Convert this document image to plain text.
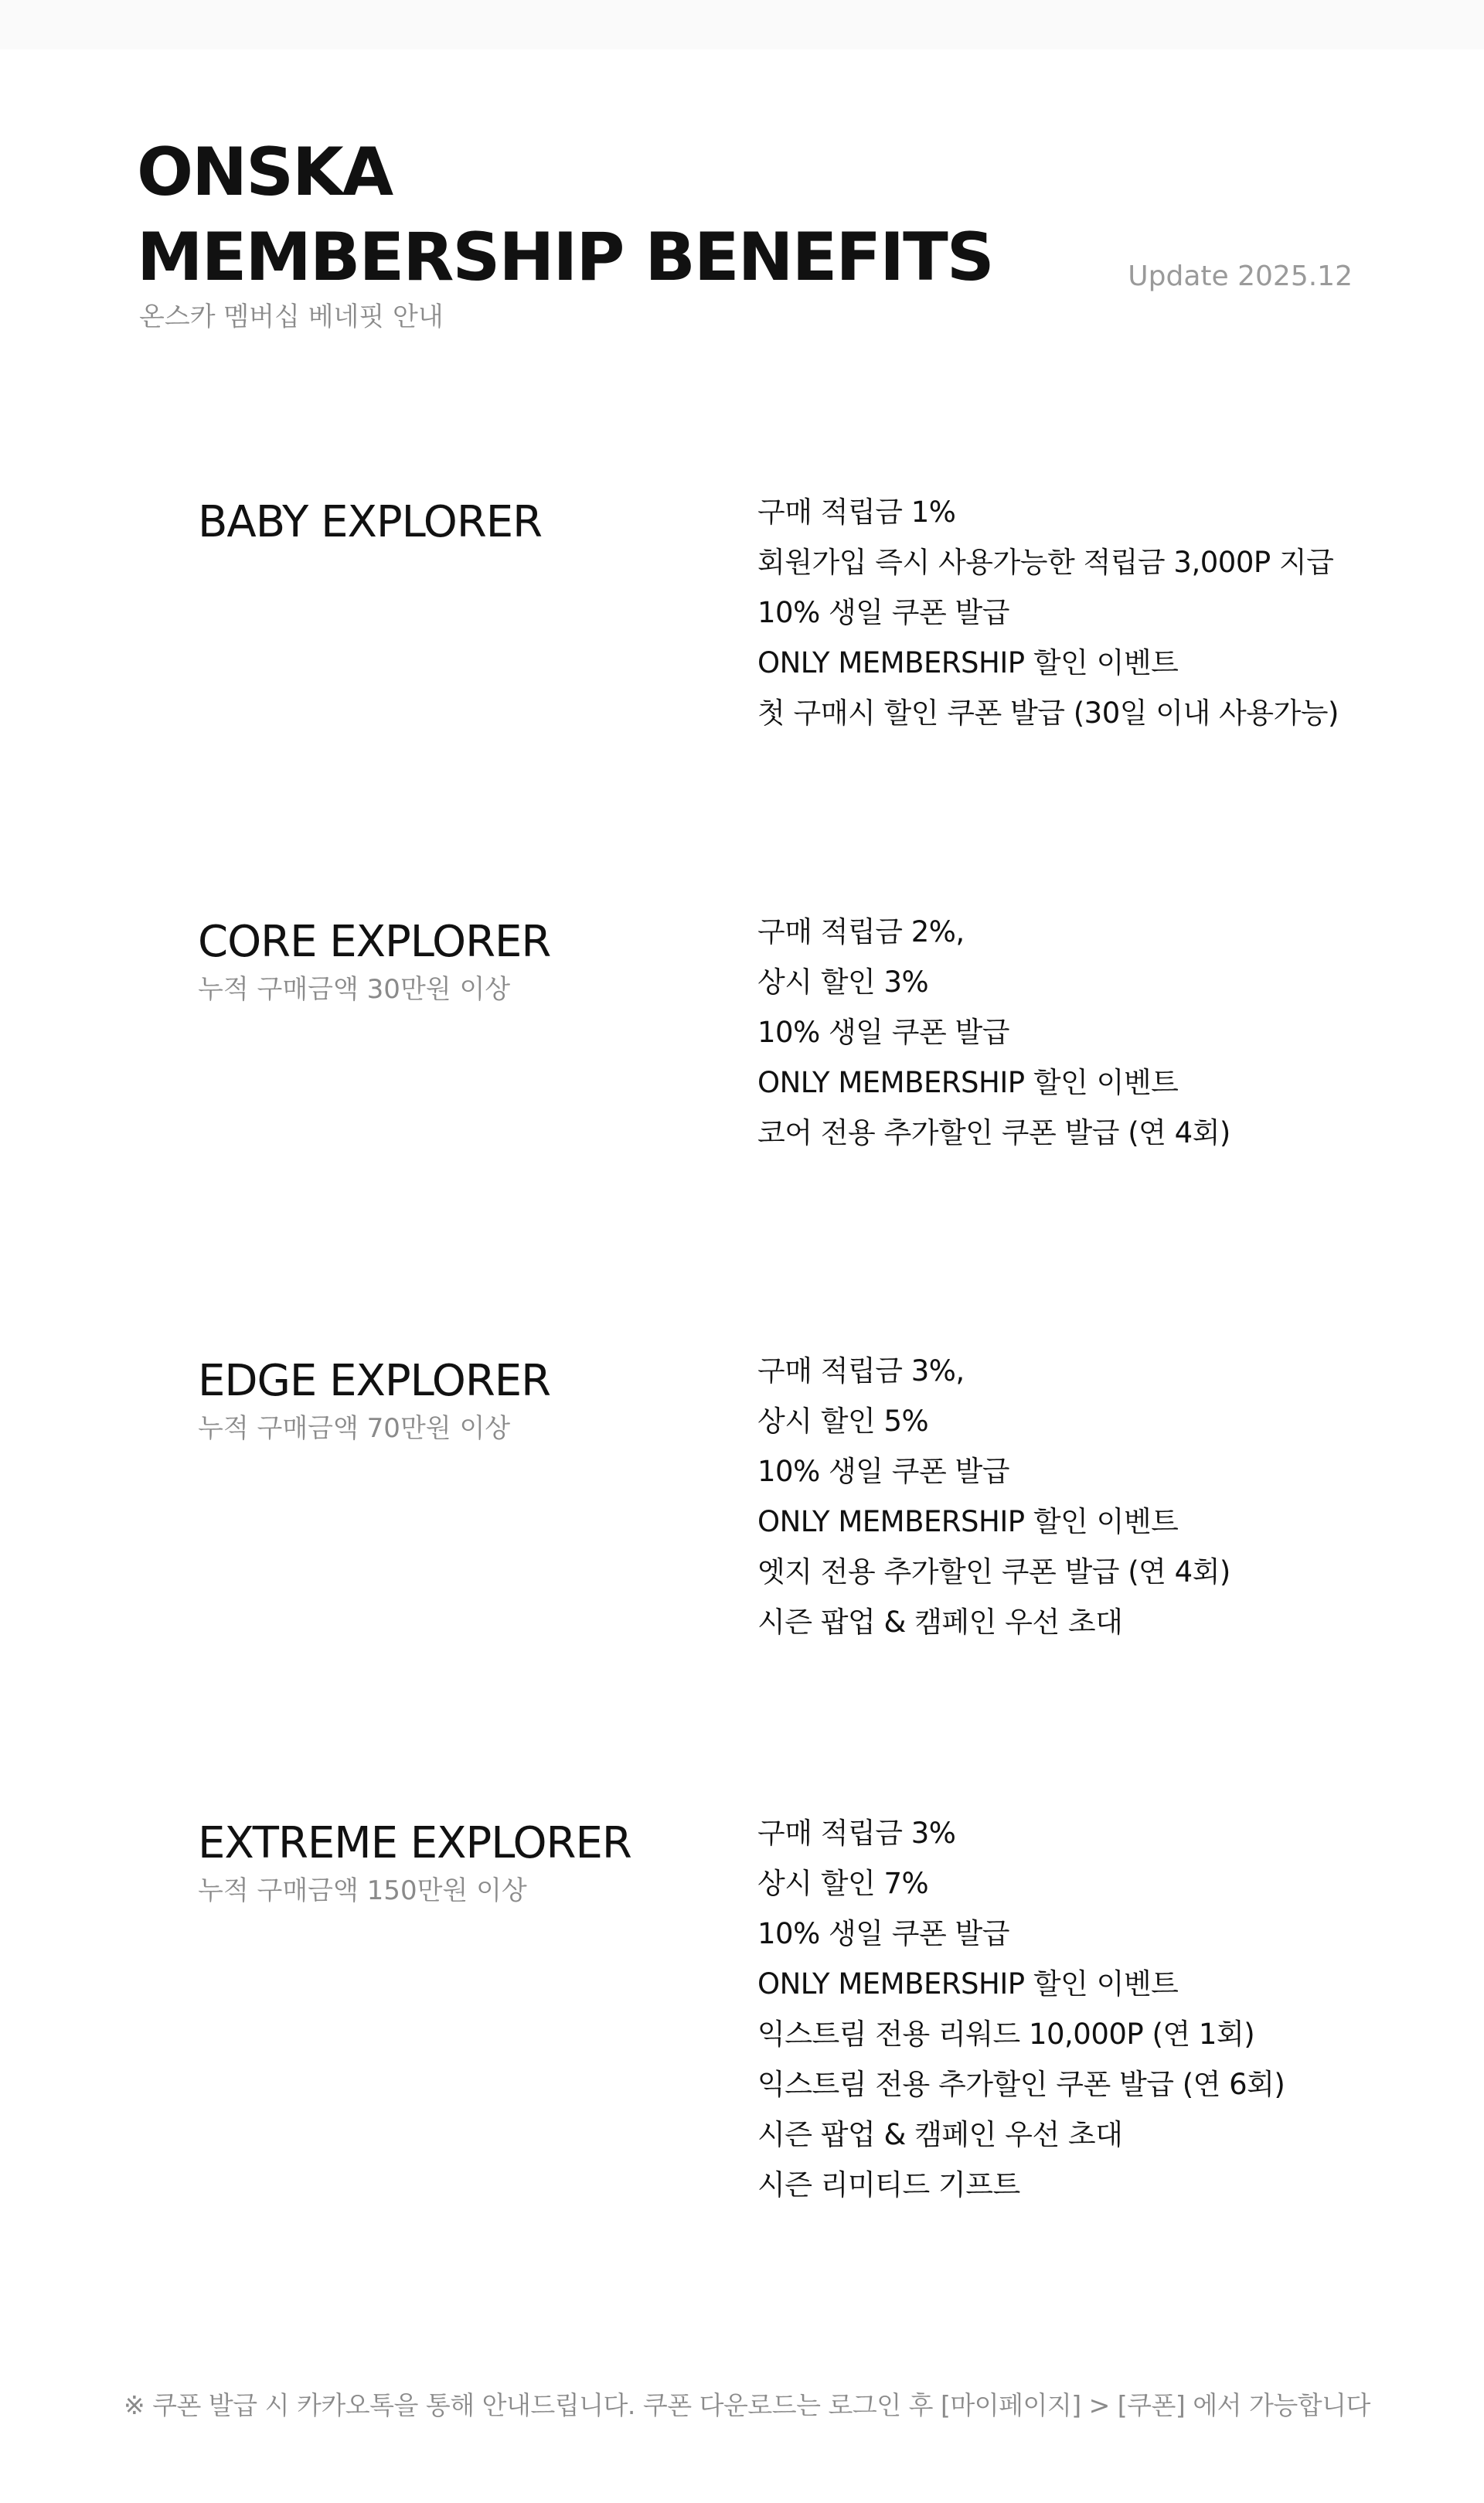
ONSKA
MEMBERSHIP BENEFITS
온스카 멤버십 베네핏 안내
Update 2025.12
BABY EXPLORER	구매 적립금 1%
회원가입 즉시 사용가능한 적립금 3,000P 지급
10% 생일 쿠폰 발급
ONLY MEMBERSHIP 할인 이벤트
첫 구매시 할인 쿠폰 발급 (30일 이내 사용가능)
CORE EXPLORER
누적 구매금액 30만원 이상
구매 적립금 2%,
상시 할인 3%
10% 생일 쿠폰 발급
ONLY MEMBERSHIP 할인 이벤트
코어 전용 추가할인 쿠폰 발급 (연 4회)
EDGE EXPLORER
누적 구매금액 70만원 이상
구매 적립금 3%,
상시 할인 5%
10% 생일 쿠폰 발급
ONLY MEMBERSHIP 할인 이벤트
엣지 전용 추가할인 쿠폰 발급 (연 4회)
시즌 팝업 & 캠페인 우선 초대
EXTREME EXPLORER
누적 구매금액 150만원 이상
구매 적립금 3%
상시 할인 7%
10% 생일 쿠폰 발급
ONLY MEMBERSHIP 할인 이벤트
익스트림 전용 리워드 10,000P (연 1회)
익스트림 전용 추가할인 쿠폰 발급 (연 6회)
시즌 팝업 & 캠페인 우선 초대
시즌 리미티드 기프트
※ 쿠폰 발급 시 카카오톡을 통해 안내드립니다. 쿠폰 다운로드는 로그인 후 [마이페이지] > [쿠폰] 에서 가능합니다
